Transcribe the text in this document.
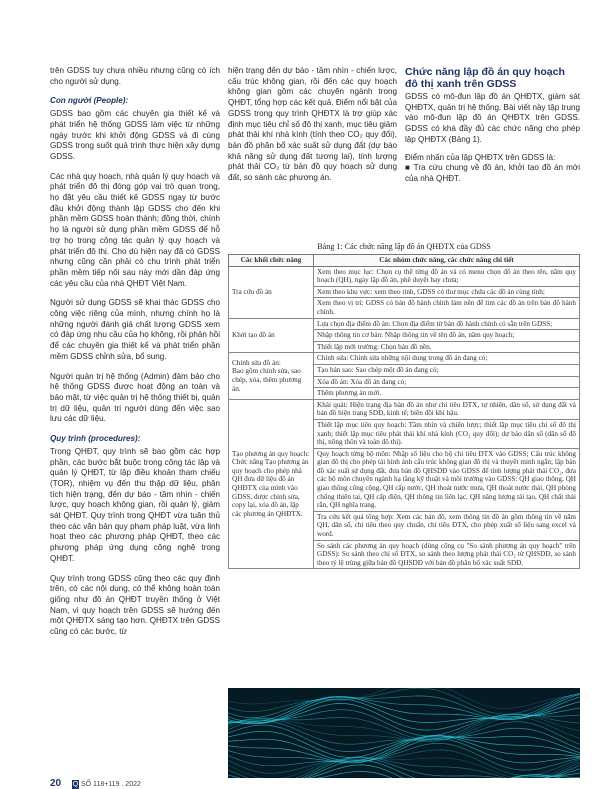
trên GDSS tuy chưa nhiều nhưng cũng có ích cho người sử dụng.

Con người (People):

GDSS bao gồm các chuyên gia thiết kế và phát triển hệ thống GDSS làm việc từ những ngày trước khi khởi động GDSS và đi cùng GDSS trong suốt quá trình thực hiện xây dựng GDSS.

Các nhà quy hoạch, nhà quản lý quy hoạch và phát triển đô thị đóng góp vai trò quan trọng, họ đặt yêu cầu thiết kế GDSS ngay từ bước đầu khởi động thành lập GDSS cho đến khi phần mềm GDSS hoàn thành; đồng thời, chính họ là người sử dụng phần mềm GDSS để hỗ trợ họ trong công tác quản lý quy hoạch và phát triển đô thị. Cho dù hiện nay đã có GDSS nhưng cũng cần phải có chu trình phát triển phần mềm tiếp nối sau này mới dần đáp ứng các yêu cầu của nhà QHĐT Việt Nam.

Người sử dụng GDSS sẽ khai thác GDSS cho công việc riêng của mình, nhưng chính họ là những người đánh giá chất lượng GDSS xem có đáp ứng nhu cầu của họ không, rồi phản hồi để các chuyên gia thiết kế và phát triển phần mềm GDSS chỉnh sửa, bổ sung.

Người quản trị hệ thống (Admin) đảm bảo cho hệ thống GDSS được hoạt động an toàn và bảo mật, từ việc quản trị hệ thống thiết bị, quản trị dữ liệu, quản trị người dùng đến việc sao lưu các dữ liệu.

Quy trình (procedures):

Trong QHĐT, quy trình sẽ bao gồm các hợp phần, các bước bắt buộc trong công tác lập và quản lý QHĐT, từ lập điều khoản tham chiếu (TOR), nhiệm vụ đến thu thập dữ liệu, phân tích hiện trạng, đến dự báo - tầm nhìn - chiến lược, quy hoạch không gian, rồi quản lý, giám sát QHĐT. Quy trình trong QHĐT vừa tuân thủ theo các văn bản quy phạm pháp luật, vừa linh hoạt theo các phương pháp QHĐT, theo các phương pháp ứng dụng công nghệ trong QHĐT.

Quy trình trong GDSS cũng theo các quy định trên, có các nội dung, có thể không hoàn toàn giống như đồ án QHĐT truyền thống ở Việt Nam, vì quy hoạch trên GDSS sẽ hướng đến một QHĐTX sáng tạo hơn. QHĐTX trên GDSS cũng có các bước, từ

hiện trạng đến dự báo - tầm nhìn - chiến lược, cấu trúc không gian, rồi đến các quy hoạch không gian gồm các chuyên ngành trong QHĐT, tổng hợp các kết quả. Điểm nổi bật của GDSS trong quy trình QHĐTX là trợ giúp xác định mục tiêu chỉ số đô thị xanh, mục tiêu giảm phát thải khí nhà kính (tính theo CO₂ quy đổi), bản đồ phân bổ xác suất sử dụng đất (dự báo khả năng sử dụng đất tương lai), tính lượng phát thải CO₂ từ bản đồ quy hoạch sử dụng đất, so sánh các phương án.

Chức năng lập đồ án quy hoạch đô thị xanh trên GDSS

GDSS có mô-đun lập đồ án QHĐTX, giám sát QHĐTX, quản trị hệ thống. Bài viết này tập trung vào mô-đun lập đồ án QHĐTX trên GDSS. GDSS có khá đầy đủ các chức năng cho phép lập QHĐTX (Bảng 1).

Điểm nhấn của lập QHĐTX trên GDSS là:

■ Tra cứu chung về đồ án, khởi tạo đồ án mới của nhà QHĐT.

Bảng 1: Các chức năng lập đồ án QHĐTX của GDSS
Các khối chức năng	Các nhóm chức năng, các chức năng chi tiết
Tra cứu đồ án	Xem theo mục lục: Chọn cụ thể từng đồ án và có menu chọn đồ án theo tên, năm quy hoạch (QH), ngày lập đồ án, phê duyệt hay chưa;
	Xem theo khu vực: xem theo tỉnh, GDSS có thư mục chứa các đồ án cùng tỉnh;
	Xem theo vị trí: GDSS có bản đồ hành chính làm nền để tìm các đồ án trên bản đồ hành chính.
Khởi tạo đồ án	Lựa chọn địa điểm đồ án: Chọn địa điểm từ bản đồ hành chính có sẵn trên GDSS;
	Nhập thông tin cơ bản: Nhập thông tin về tên đồ án, năm quy hoạch;
	Thiết lập mới trường: Chọn bản đồ nền.
Chỉnh sửa đồ án:
Bao gồm chỉnh sửa, sao chép, xóa, thêm phương án.	Chỉnh sửa: Chỉnh sửa những nội dung trong đồ án đang có;
	Tạo bản sao: Sao chép một đồ án đang có;
	Xóa đồ án: Xóa đồ án đang có;
	Thêm phương án mới.
Tạo phương án quy hoạch:
Chức năng Tạo phương án quy hoạch cho phép nhà QH đưa dữ liệu đồ án QHĐTX của mình vào GDSS, được chỉnh sửa, copy lại, xóa đồ án, lập các phương án QHĐTX.	Khái quát: Hiện trạng địa bàn đồ án như chỉ tiêu ĐTX, tự nhiên, dân số, sử dụng đất và bản đồ hiện trạng SDĐ, kinh tế; biên đồi khí hậu.
	Thiết lập mục tiêu quy hoạch: Tầm nhìn và chiến lược; thiết lập mục tiêu chỉ số đô thị xanh; thiết lập mục tiêu phát thải khí nhà kính (CO₂ quy đổi); dự báo dân số (dân số đô thị, nông thôn và toàn đô thị).
	Quy hoạch từng bộ môn: Nhập số liệu cho bộ chỉ tiêu ĐTX vào GDSS; Cấu trúc không gian đô thị cho phép tải hình ảnh cấu trúc không gian đô thị và thuyết minh ngắn; lập bản đồ xác suất sử dụng đất, đưa bản đồ QHSDĐ vào GDSS để tính lượng phát thải CO₂, đưa các bộ môn chuyên ngành hạ tầng kỹ thuật và môi trường vào GDSS: QH giao thông, QH giao thông công cộng, QH cấp nước, QH thoát nước mưa, QH thoát nước thải, QH phòng chống thiên tai, QH cấp điện, QH thông tin liên lạc, QH năng lượng tái tạo, QH chất thải rắn, QH nghĩa trang.
	Tra cứu kết quả tổng hợp: Xem các bản đồ, xem thông tin đồ án gồm thông tin về năm QH, dân số, chỉ tiêu theo quy chuẩn, chỉ tiêu ĐTX, cho phép xuất số liệu sang excel và word.
	So sánh các phương án quy hoạch (dùng công cụ "So sánh phương án quy hoạch" trên GDSS): So sánh theo chỉ số ĐTX, so sánh theo lượng phát thải CO₂ từ QHSDĐ, so sánh theo tỷ lệ trùng giữa bản đồ QHSDĐ với bản đồ phân bổ xác suất SDĐ.
20 Q SỐ 118+119 . 2022
